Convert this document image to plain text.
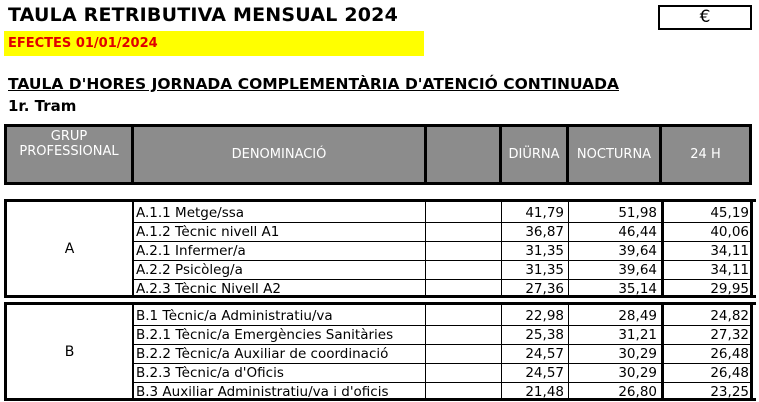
TAULA RETRIBUTIVA MENSUAL 2024	€
EFECTES 01/01/2024
TAULA D'HORES JORNADA COMPLEMENTÀRIA D'ATENCIÓ CONTINUADA
1r. Tram
GRUP
PROFESSIONAL	DENOMINACIÓ	DIÜRNA	NOCTURNA	24 H
A
A.1.1 Metge/ssa	41,79	51,98	45,19
A.1.2 Tècnic nivell A1	36,87	46,44	40,06
A.2.1 Infermer/a	31,35	39,64	34,11
A.2.2 Psicòleg/a	31,35	39,64	34,11
A.2.3 Tècnic Nivell A2	27,36	35,14	29,95
B
B.1 Tècnic/a Administratiu/va	22,98	28,49	24,82
B.2.1 Tècnic/a Emergències Sanitàries	25,38	31,21	27,32
B.2.2 Tècnic/a Auxiliar de coordinació	24,57	30,29	26,48
B.2.3 Tècnic/a d'Oficis	24,57	30,29	26,48
B.3 Auxiliar Administratiu/va i d'oficis	21,48	26,80	23,25
